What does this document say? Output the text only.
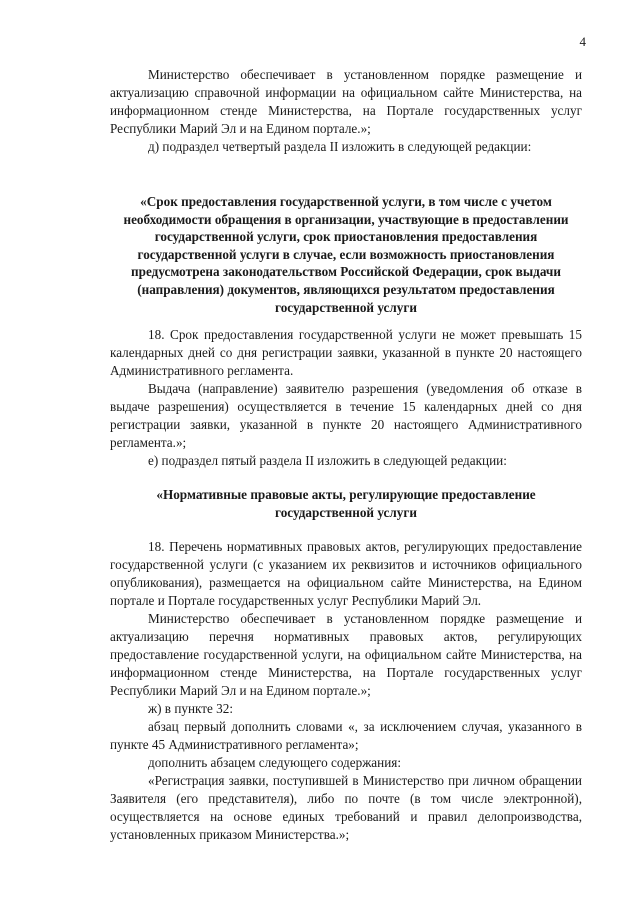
4

Министерство обеспечивает в установленном порядке размещение и актуализацию справочной информации на официальном сайте Министерства, на информационном стенде Министерства, на Портале государственных услуг Республики Марий Эл и на Едином портале.»;

д) подраздел четвертый раздела II изложить в следующей редакции:

«Срок предоставления государственной услуги, в том числе с учетом необходимости обращения в организации, участвующие в предоставлении государственной услуги, срок приостановления предоставления государственной услуги в случае, если возможность приостановления предусмотрена законодательством Российской Федерации, срок выдачи (направления) документов, являющихся результатом предоставления государственной услуги

18. Срок предоставления государственной услуги не может превышать 15 календарных дней со дня регистрации заявки, указанной в пункте 20 настоящего Административного регламента.

Выдача (направление) заявителю разрешения (уведомления об отказе в выдаче разрешения) осуществляется в течение 15 календарных дней со дня регистрации заявки, указанной в пункте 20 настоящего Административного регламента.»;

е) подраздел пятый раздела II изложить в следующей редакции:

«Нормативные правовые акты, регулирующие предоставление государственной услуги

18. Перечень нормативных правовых актов, регулирующих предоставление государственной услуги (с указанием их реквизитов и источников официального опубликования), размещается на официальном сайте Министерства, на Едином портале и Портале государственных услуг Республики Марий Эл.

Министерство обеспечивает в установленном порядке размещение и актуализацию перечня нормативных правовых актов, регулирующих предоставление государственной услуги, на официальном сайте Министерства, на информационном стенде Министерства, на Портале государственных услуг Республики Марий Эл и на Едином портале.»;

ж) в пункте 32:

абзац первый дополнить словами «, за исключением случая, указанного в пункте 45 Административного регламента»;

дополнить абзацем следующего содержания:

«Регистрация заявки, поступившей в Министерство при личном обращении Заявителя (его представителя), либо по почте (в том числе электронной), осуществляется на основе единых требований и правил делопроизводства, установленных приказом Министерства.»;
